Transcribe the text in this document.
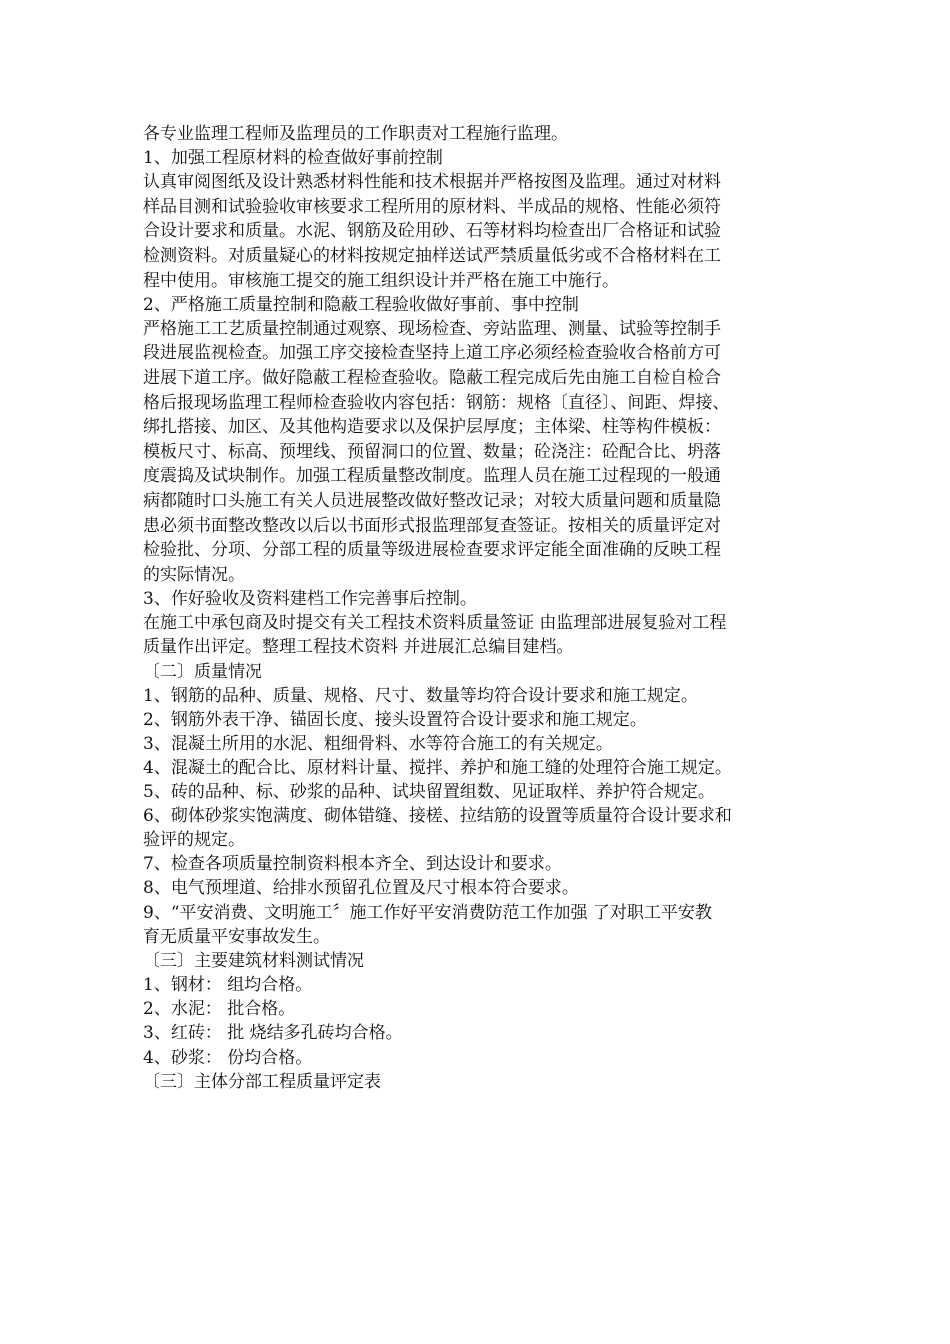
各专业监理工程师及监理员的工作职责对工程施行监理。
1、加强工程原材料的检查做好事前控制
认真审阅图纸及设计熟悉材料性能和技术根据并严格按图及监理。通过对材料
样品目测和试验验收审核要求工程所用的原材料、半成品的规格、性能必须符
合设计要求和质量。水泥、钢筋及砼用砂、石等材料均检查出厂合格证和试验
检测资料。对质量疑心的材料按规定抽样送试严禁质量低劣或不合格材料在工
程中使用。审核施工提交的施工组织设计并严格在施工中施行。
2、严格施工质量控制和隐蔽工程验收做好事前、事中控制
严格施工工艺质量控制通过观察、现场检查、旁站监理、测量、试验等控制手
段进展监视检查。加强工序交接检查坚持上道工序必须经检查验收合格前方可
进展下道工序。做好隐蔽工程检查验收。隐蔽工程完成后先由施工自检自检合
格后报现场监理工程师检查验收内容包括：钢筋：规格〔直径〕、间距、焊接、
绑扎搭接、加区、及其他构造要求以及保护层厚度；主体梁、柱等构件模板：
模板尺寸、标高、预埋线、预留洞口的位置、数量；砼浇注：砼配合比、坍落
度震捣及试块制作。加强工程质量整改制度。监理人员在施工过程现的一般通
病都随时口头施工有关人员进展整改做好整改记录；对较大质量问题和质量隐
患必须书面整改整改以后以书面形式报监理部复查签证。按相关的质量评定对
检验批、分项、分部工程的质量等级进展检查要求评定能全面准确的反映工程
的实际情况。
3、作好验收及资料建档工作完善事后控制。
在施工中承包商及时提交有关工程技术资料质量签证 由监理部进展复验对工程
质量作出评定。整理工程技术资料 并进展汇总编目建档。
〔二〕质量情况
1、钢筋的品种、质量、规格、尺寸、数量等均符合设计要求和施工规定。
2、钢筋外表干净、锚固长度、接头设置符合设计要求和施工规定。
3、混凝土所用的水泥、粗细骨料、水等符合施工的有关规定。
4、混凝土的配合比、原材料计量、搅拌、养护和施工缝的处理符合施工规定。
5、砖的品种、标、砂浆的品种、试块留置组数、见证取样、养护符合规定。
6、砌体砂浆实饱满度、砌体错缝、接槎、拉结筋的设置等质量符合设计要求和
验评的规定。
7、检查各项质量控制资料根本齐全、到达设计和要求。
8、电气预埋道、给排水预留孔位置及尺寸根本符合要求。
9、“平安消费、文明施工〞施工作好平安消费防范工作加强 了对职工平安教
育无质量平安事故发生。
〔三〕主要建筑材料测试情况
1、钢材： 组均合格。
2、水泥： 批合格。
3、红砖： 批 烧结多孔砖均合格。
4、砂浆： 份均合格。
〔三〕主体分部工程质量评定表
